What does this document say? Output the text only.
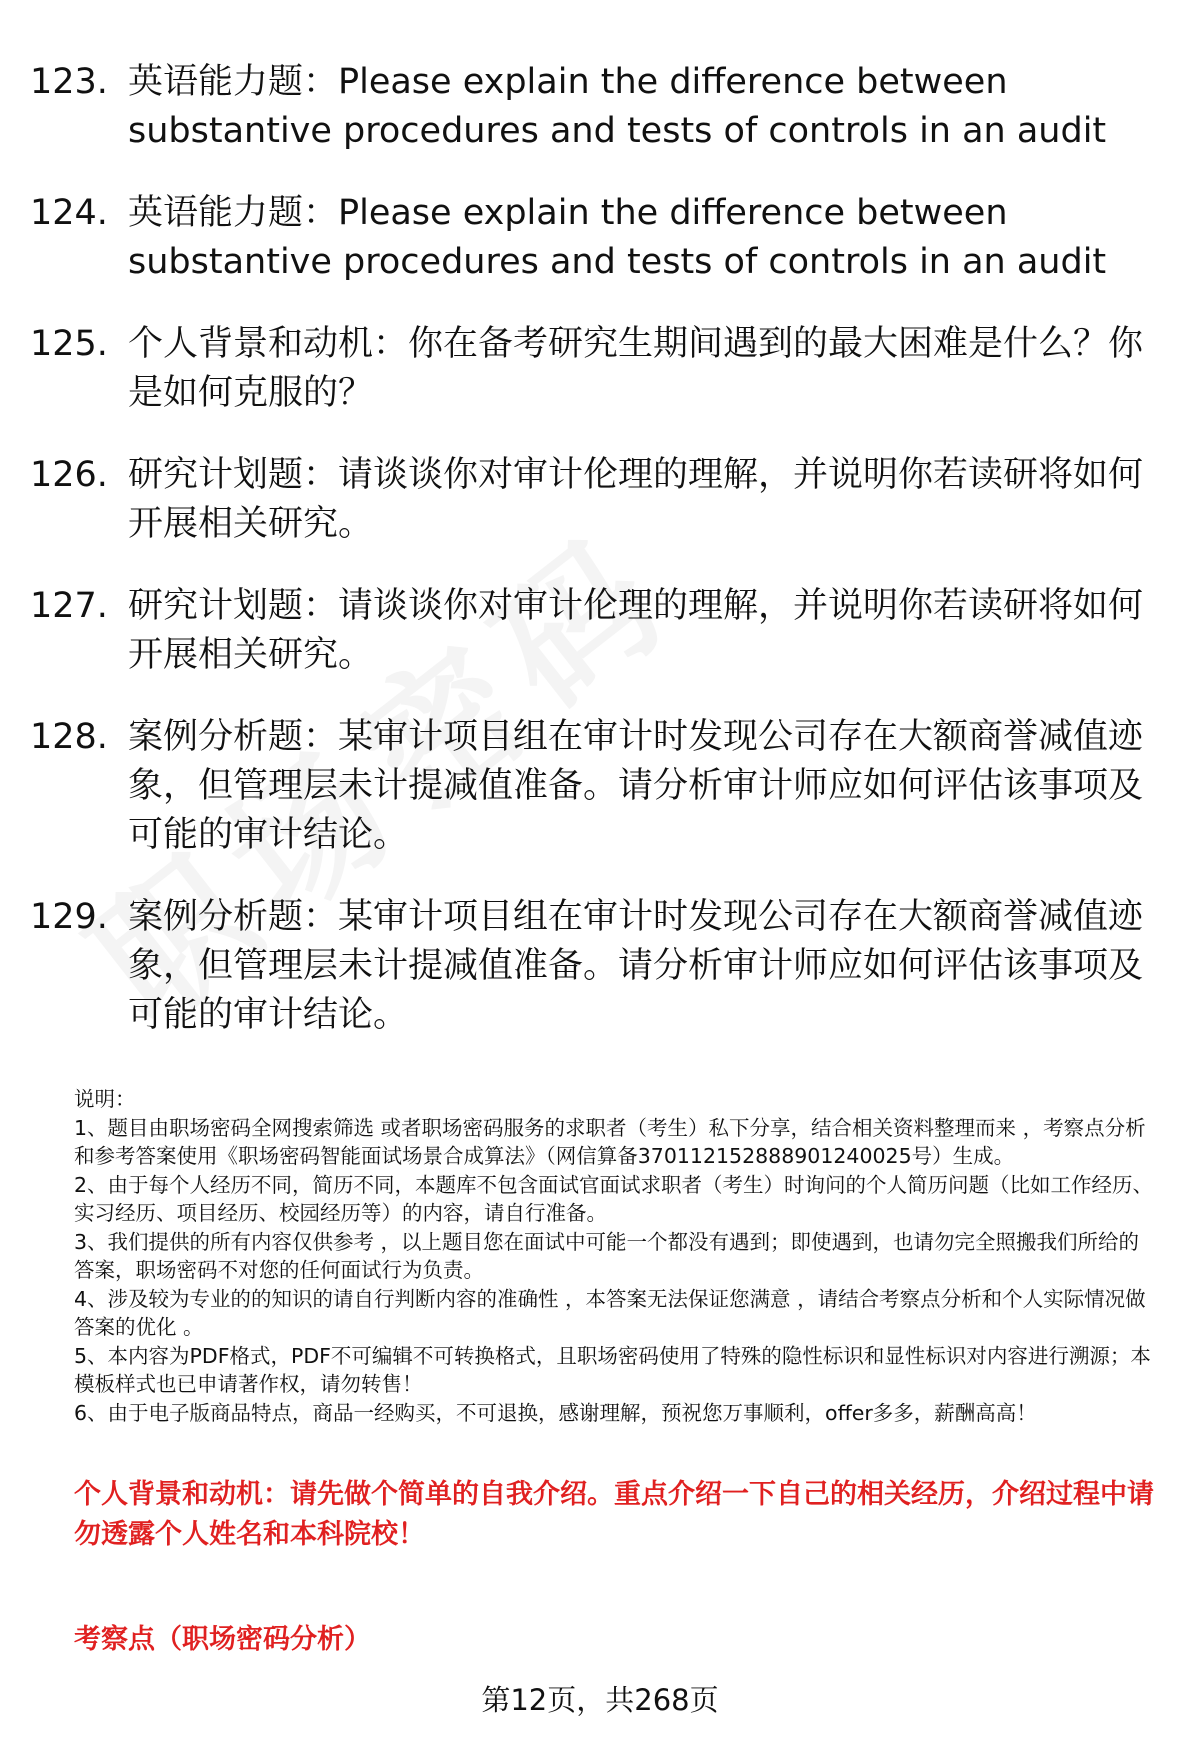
123. 英语能力题：Please explain the difference between substantive procedures and tests of controls in an audit
124. 英语能力题：Please explain the difference between substantive procedures and tests of controls in an audit
125. 个人背景和动机：你在备考研究生期间遇到的最大困难是什么？你是如何克服的？
126. 研究计划题：请谈谈你对审计伦理的理解，并说明你若读研将如何开展相关研究。
127. 研究计划题：请谈谈你对审计伦理的理解，并说明你若读研将如何开展相关研究。
128. 案例分析题：某审计项目组在审计时发现公司存在大额商誉减值迹象，但管理层未计提减值准备。请分析审计师应如何评估该事项及可能的审计结论。
129. 案例分析题：某审计项目组在审计时发现公司存在大额商誉减值迹象，但管理层未计提减值准备。请分析审计师应如何评估该事项及可能的审计结论。

说明：

1、题目由职场密码全网搜索筛选 或者职场密码服务的求职者（考生）私下分享，结合相关资料整理而来 ，考察点分析和参考答案使用《职场密码智能面试场景合成算法》（网信算备370112152888901240025号）生成。

2、由于每个人经历不同，简历不同，本题库不包含面试官面试求职者（考生）时询问的个人简历问题（比如工作经历、实习经历、项目经历、校园经历等）的内容，请自行准备。

3、我们提供的所有内容仅供参考 ，以上题目您在面试中可能一个都没有遇到；即使遇到，也请勿完全照搬我们所给的答案，职场密码不对您的任何面试行为负责。

4、涉及较为专业的的知识的请自行判断内容的准确性 ，本答案无法保证您满意 ，请结合考察点分析和个人实际情况做答案的优化 。

5、本内容为PDF格式，PDF不可编辑不可转换格式，且职场密码使用了特殊的隐性标识和显性标识对内容进行溯源；本模板样式也已申请著作权，请勿转售！

6、由于电子版商品特点，商品一经购买，不可退换，感谢理解，预祝您万事顺利，offer多多，薪酬高高！

个人背景和动机：请先做个简单的自我介绍。重点介绍一下自己的相关经历，介绍过程中请勿透露个人姓名和本科院校！
考察点（职场密码分析）
第12页，共268页
